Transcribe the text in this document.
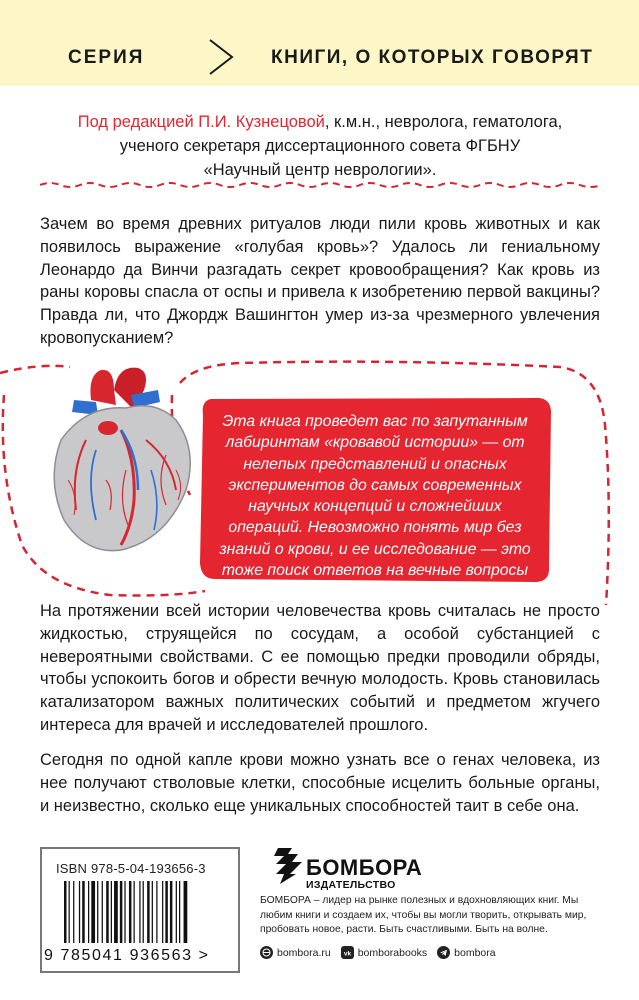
СЕРИЯ	КНИГИ, О КОТОРЫХ ГОВОРЯТ
Под редакцией П.И. Кузнецовой, к.м.н., невролога, гематолога,
ученого секретаря диссертационного совета ФГБНУ
«Научный центр неврологии».
Зачем во время древних ритуалов люди пили кровь животных и как появилось выражение «голубая кровь»? Удалось ли гениальному Леонардо да Винчи разгадать секрет кровообращения? Как кровь из раны коровы спасла от оспы и привела к изобретению первой вакцины? Правда ли, что Джордж Вашингтон умер из-за чрезмерного увлечения кровопусканием?
Эта книга проведет вас по запутанным лабиринтам «кровавой истории» — от нелепых представлений и опасных экспериментов до самых современных научных концепций и сложнейших операций. Невозможно понять мир без знаний о крови, и ее исследование — это тоже поиск ответов на вечные вопросы человека: кто мы и откуда?
На протяжении всей истории человечества кровь считалась не просто жидкостью, струящейся по сосудам, а особой субстанцией с невероятными свойствами. С ее помощью предки проводили обряды, чтобы успокоить богов и обрести вечную молодость. Кровь становилась катализатором важных политических событий и предметом жгучего интереса для врачей и исследователей прошлого.
Сегодня по одной капле крови можно узнать все о генах человека, из нее получают стволовые клетки, способные исцелить больные органы, и неизвестно, сколько еще уникальных способностей таит в себе она.
ISBN 978-5-04-193656-3
9 785041 936563 >
БОМБОРА
ИЗДАТЕЛЬСТВО
БОМБОРА – лидер на рынке полезных и вдохновляющих книг. Мы любим книги и создаем их, чтобы вы могли творить, открывать мир, пробовать новое, расти. Быть счастливыми. Быть на волне.
bombora.ru vk bomborabooks	bombora
